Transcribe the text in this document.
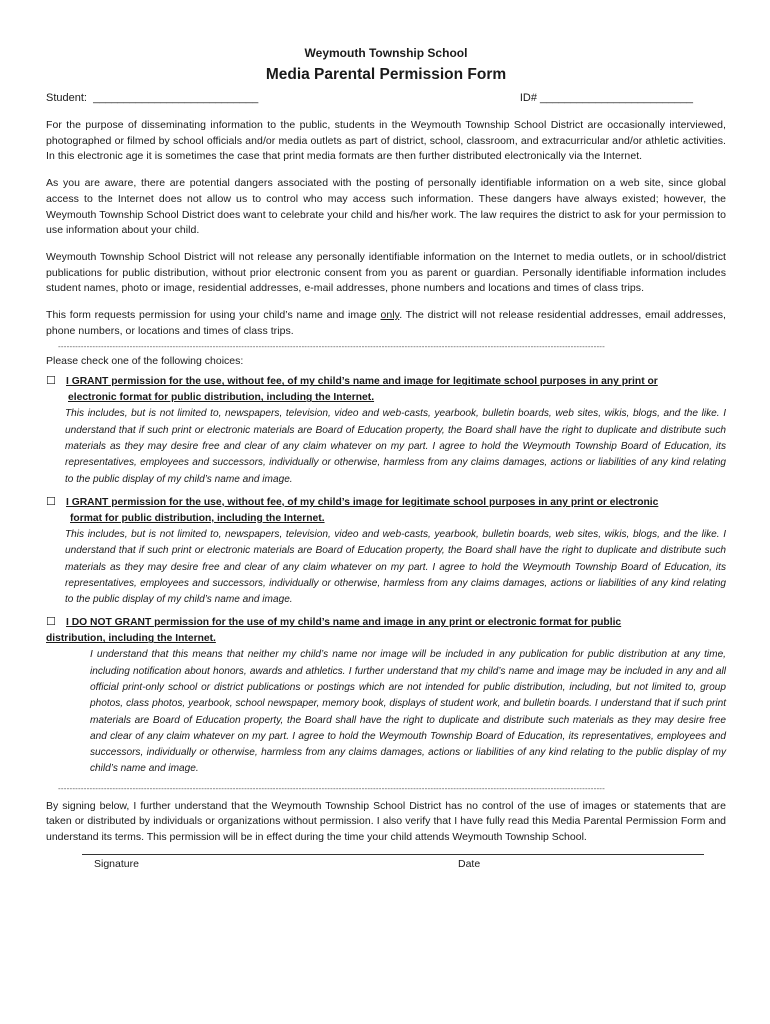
Weymouth Township School
Media Parental Permission Form
Student:  ___________________________	ID# _________________________

For the purpose of disseminating information to the public, students in the Weymouth Township School District are occasionally interviewed, photographed or filmed by school officials and/or media outlets as part of district, school, classroom, and extracurricular and/or athletic activities. In this electronic age it is sometimes the case that print media formats are then further distributed electronically via the Internet.

As you are aware, there are potential dangers associated with the posting of personally identifiable information on a web site, since global access to the Internet does not allow us to control who may access such information. These dangers have always existed; however, the Weymouth Township School District does want to celebrate your child and his/her work. The law requires the district to ask for your permission to use information about your child.

Weymouth Township School District will not release any personally identifiable information on the Internet to media outlets, or in school/district publications for public distribution, without prior electronic consent from you as parent or guardian. Personally identifiable information includes student names, photo or image, residential addresses, e-mail addresses, phone numbers and locations and times of class trips.

This form requests permission for using your child’s name and image only. The district will not release residential addresses, email addresses, phone numbers, or locations and times of class trips.

-----------------------------------------------------------------------------------------------------------------------------------------------------------------------------------------------
Please check one of the following choices:
☐ I GRANT permission for the use, without fee, of my child’s name and image for legitimate school purposes in any print or
electronic format for public distribution, including the Internet.

This includes, but is not limited to, newspapers, television, video and web-casts, yearbook, bulletin boards, web sites, wikis, blogs, and the like. I understand that if such print or electronic materials are Board of Education property, the Board shall have the right to duplicate and distribute such materials as they may desire free and clear of any claim whatever on my part. I agree to hold the Weymouth Township Board of Education, its representatives, employees and successors, individually or otherwise, harmless from any claims damages, actions or liabilities of any kind relating to the public display of my child’s name and image.

☐ I GRANT permission for the use, without fee, of my child’s image for legitimate school purposes in any print or electronic
format for public distribution, including the Internet.

This includes, but is not limited to, newspapers, television, video and web-casts, yearbook, bulletin boards, web sites, wikis, blogs, and the like. I understand that if such print or electronic materials are Board of Education property, the Board shall have the right to duplicate and distribute such materials as they may desire free and clear of any claim whatever on my part. I agree to hold the Weymouth Township Board of Education, its representatives, employees and successors, individually or otherwise, harmless from any claims damages, actions or liabilities of any kind relating to the public display of my child’s name and image.

☐ I DO NOT GRANT permission for the use of my child’s name and image in any print or electronic format for public
distribution, including the Internet.

I understand that this means that neither my child’s name nor image will be included in any publication for public distribution at any time, including notification about honors, awards and athletics. I further understand that my child’s name and image may be included in any and all official print-only school or district publications or postings which are not intended for public distribution, including, but not limited to, group photos, class photos, yearbook, school newspaper, memory book, displays of student work, and bulletin boards. I understand that if such print materials are Board of Education property, the Board shall have the right to duplicate and distribute such materials as they may desire free and clear of any claim whatever on my part. I agree to hold the Weymouth Township Board of Education, its representatives, employees and successors, individually or otherwise, harmless from any claims damages, actions or liabilities of any kind relating to the public display of my child’s name and image.

-----------------------------------------------------------------------------------------------------------------------------------------------------------------------------------------------

By signing below, I further understand that the Weymouth Township School District has no control of the use of images or statements that are taken or distributed by individuals or organizations without permission. I also verify that I have fully read this Media Parental Permission Form and understand its terms. This permission will be in effect during the time your child attends Weymouth Township School.

Signature	Date
